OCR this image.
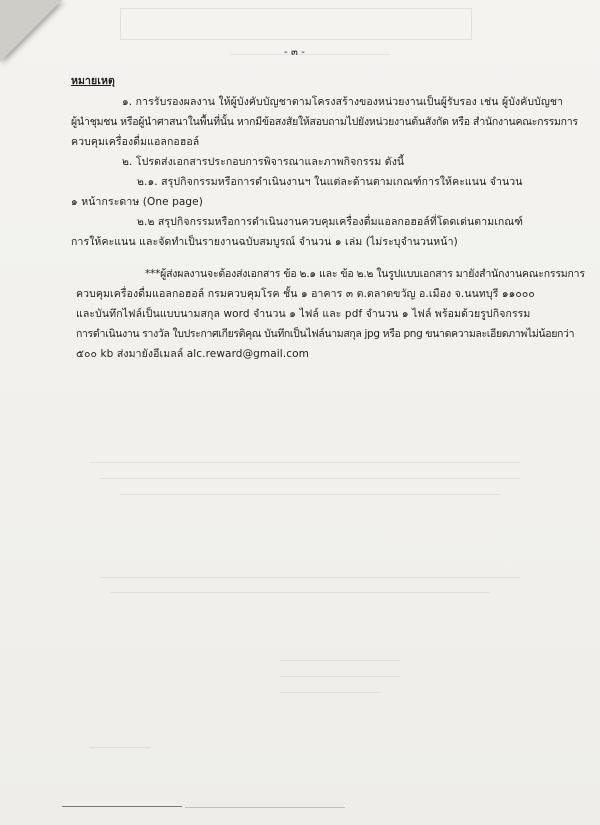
- ๓ -
หมายเหตุ
๑. การรับรองผลงาน ให้ผู้บังคับบัญชาตามโครงสร้างของหน่วยงานเป็นผู้รับรอง เช่น ผู้บังคับบัญชา
ผู้นำชุมชน หรือผู้นำศาสนาในพื้นที่นั้น หากมีข้อสงสัยให้สอบถามไปยังหน่วยงานต้นสังกัด หรือ สำนักงานคณะกรรมการ
ควบคุมเครื่องดื่มแอลกอฮอล์
๒. โปรดส่งเอกสารประกอบการพิจารณาและภาพกิจกรรม ดังนี้
๒.๑. สรุปกิจกรรมหรือการดำเนินงานฯ ในแต่ละด้านตามเกณฑ์การให้คะแนน จำนวน
๑ หน้ากระดาษ (One page)
๒.๒ สรุปกิจกรรมหรือการดำเนินงานควบคุมเครื่องดื่มแอลกอฮอล์ที่โดดเด่นตามเกณฑ์
การให้คะแนน และจัดทำเป็นรายงานฉบับสมบูรณ์ จำนวน ๑ เล่ม (ไม่ระบุจำนวนหน้า)
***ผู้ส่งผลงานจะต้องส่งเอกสาร ข้อ ๒.๑ และ ข้อ ๒.๒ ในรูปแบบเอกสาร มายังสำนักงานคณะกรรมการ
ควบคุมเครื่องดื่มแอลกอฮอล์ กรมควบคุมโรค ชั้น ๑ อาคาร ๓ ต.ตลาดขวัญ อ.เมือง จ.นนทบุรี ๑๑๐๐๐
และบันทึกไฟล์เป็นแบบนามสกุล word จำนวน ๑ ไฟล์ และ pdf จำนวน ๑ ไฟล์ พร้อมด้วยรูปกิจกรรม
การดำเนินงาน รางวัล ใบประกาศเกียรติคุณ บันทึกเป็นไฟล์นามสกุล jpg หรือ png ขนาดความละเอียดภาพไม่น้อยกว่า
๕๐๐ kb ส่งมายังอีเมลล์ alc.reward@gmail.com
